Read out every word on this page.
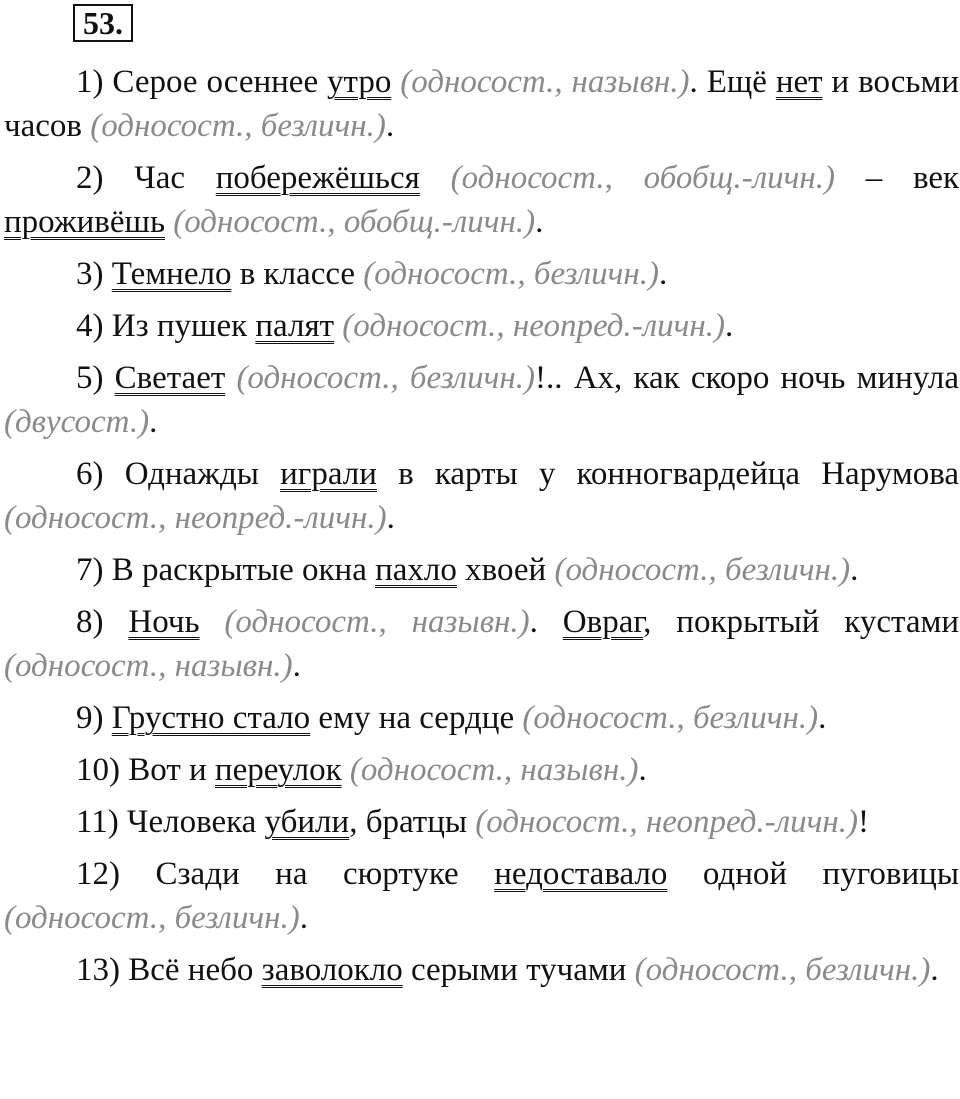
53.
1) Серое осеннее утро (односост., назывн.). Ещё нет и восьми часов (односост., безличн.).
2) Час побережёшься (односост., обобщ.-личн.) – век проживёшь (односост., обобщ.-личн.).
3) Темнело в классе (односост., безличн.).
4) Из пушек палят (односост., неопред.-личн.).
5) Светает (односост., безличн.)!.. Ах, как скоро ночь минула (двусост.).
6) Однажды играли в карты у конногвардейца Нарумова (односост., неопред.-личн.).
7) В раскрытые окна пахло хвоей (односост., безличн.).
8) Ночь (односост., назывн.). Овраг, покрытый кустами (односост., назывн.).
9) Грустно стало ему на сердце (односост., безличн.).
10) Вот и переулок (односост., назывн.).
11) Человека убили, братцы (односост., неопред.-личн.)!
12) Сзади на сюртуке недоставало одной пуговицы (односост., безличн.).
13) Всё небо заволокло серыми тучами (односост., безличн.).
